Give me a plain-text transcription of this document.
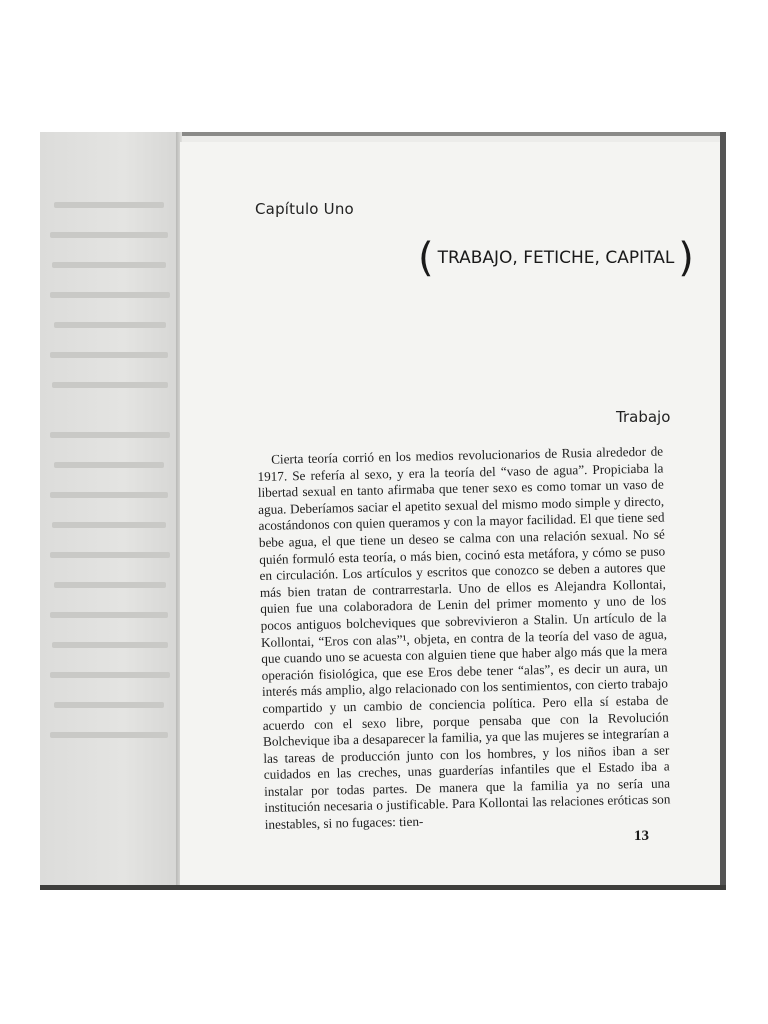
Capítulo Uno
( TRABAJO, FETICHE, CAPITAL )
Trabajo

Cierta teoría corrió en los medios revolucionarios de Rusia alrededor de 1917. Se refería al sexo, y era la teoría del “vaso de agua”. Propiciaba la libertad sexual en tanto afirmaba que tener sexo es como tomar un vaso de agua. Deberíamos saciar el apetito sexual del mismo modo simple y directo, acostándonos con quien queramos y con la mayor facilidad. El que tiene sed bebe agua, el que tiene un deseo se calma con una relación sexual. No sé quién formuló esta teoría, o más bien, cocinó esta metáfora, y cómo se puso en circulación. Los artículos y escritos que conozco se deben a autores que más bien tratan de contrarrestarla. Uno de ellos es Alejandra Kollontai, quien fue una colaboradora de Lenin del primer momento y uno de los pocos antiguos bolcheviques que sobrevivieron a Stalin. Un artículo de la Kollontai, “Eros con alas”¹, objeta, en contra de la teoría del vaso de agua, que cuando uno se acuesta con alguien tiene que haber algo más que la mera operación fisiológica, que ese Eros debe tener “alas”, es decir un aura, un interés más amplio, algo relacionado con los sentimientos, con cierto trabajo compartido y un cambio de conciencia política. Pero ella sí estaba de acuerdo con el sexo libre, porque pensaba que con la Revolución Bolchevique iba a desaparecer la familia, ya que las mujeres se integrarían a las tareas de producción junto con los hombres, y los niños iban a ser cuidados en las creches, unas guarderías infantiles que el Estado iba a instalar por todas partes. De manera que la familia ya no sería una institución necesaria o justificable. Para Kollontai las relaciones eróticas son inestables, si no fugaces: tien-

13
